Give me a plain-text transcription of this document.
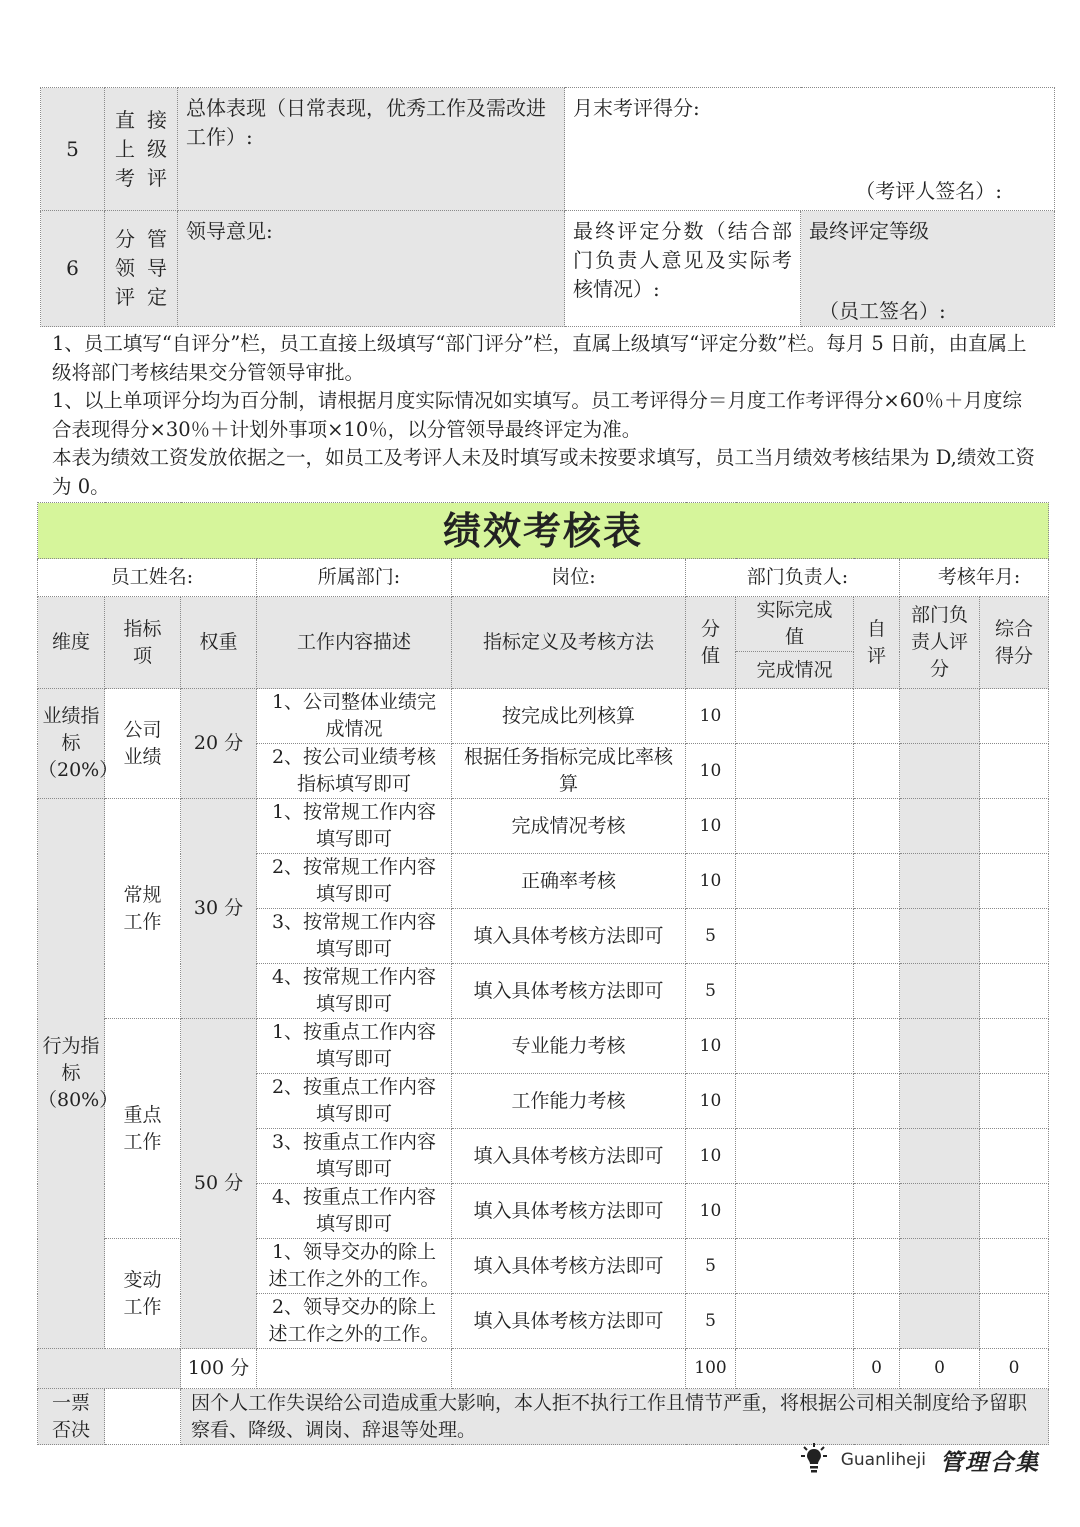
5	直接上级考评	总体表现（日常表现，优秀工作及需改进工作）:	月末考评得分:
（考评人签名）:	

6	分管领导评定	领导意见:	最终评定分数（结合部门负责人意见及实际考核情况）:	最终评定等级
（员工签名）:

1、员工填写“自评分”栏，员工直接上级填写“部门评分”栏，直属上级填写“评定分数”栏。每月 5 日前，由直属上级将部门考核结果交分管领导审批。

1、以上单项评分均为百分制，请根据月度实际情况如实填写。员工考评得分＝月度工作考评得分×60％＋月度综合表现得分×30％＋计划外事项×10％，以分管领导最终评定为准。

本表为绩效工资发放依据之一，如员工及考评人未及时填写或未按要求填写，员工当月绩效考核结果为 D,绩效工资为 0。

绩效考核表									
员工姓名:			所属部门:	岗位:	部门负责人:			考核年月:	
维度	指标项	权重	工作内容描述	指标定义及考核方法	分值	实际完成值	自评	部门负责人评分	综合得分
						完成情况			
业绩指标（20%）	公司业绩	20 分	1、公司整体业绩完成情况	按完成比列核算	10				
			2、按公司业绩考核指标填写即可	根据任务指标完成比率核算	10				
行为指标（80%）	常规工作	30 分	1、按常规工作内容填写即可	完成情况考核	10				
			2、按常规工作内容填写即可	正确率考核	10				
			3、按常规工作内容填写即可	填入具体考核方法即可	5				
			4、按常规工作内容填写即可	填入具体考核方法即可	5				
	重点工作	50 分	1、按重点工作内容填写即可	专业能力考核	10				
			2、按重点工作内容填写即可	工作能力考核	10				
			3、按重点工作内容填写即可	填入具体考核方法即可	10				
			4、按重点工作内容填写即可	填入具体考核方法即可	10				
	变动工作		1、领导交办的除上述工作之外的工作。	填入具体考核方法即可	5				
			2、领导交办的除上述工作之外的工作。	填入具体考核方法即可	5				
		100 分			100		0	0	0
一票否决		因个人工作失误给公司造成重大影响，本人拒不执行工作且情节严重，将根据公司相关制度给予留职察看、降级、调岗、辞退等处理。							
Guanliheji 管理合集
